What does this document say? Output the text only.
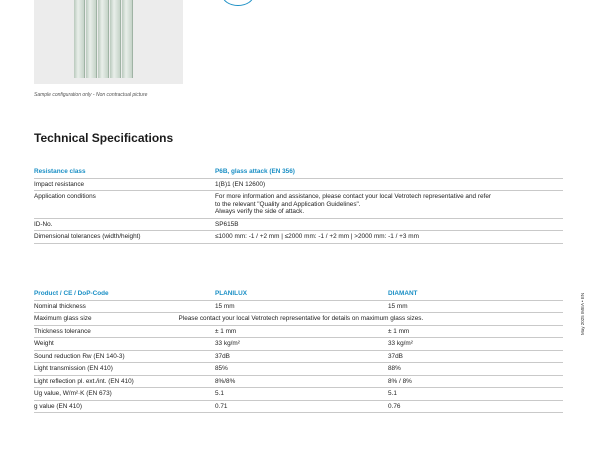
Sample configuration only - Non contractual picture
Technical Specifications
Resistance class	P6B, glass attack (EN 356)
Impact resistance	1(B)1 (EN 12600)
Application conditions	For more information and assistance, please contact your local Vetrotech representative and refer
to the relevant "Quality and Application Guidelines".
Always verify the side of attack.
ID-No.	SP615B
Dimensional tolerances (width/height)	≤1000 mm: -1 / +2 mm | ≤2000 mm: -1 / +2 mm | >2000 mm: -1 / +3 mm
Product / CE / DoP-Code	PLANILUX	DIAMANT
Nominal thickness	15 mm	15 mm
Maximum glass size	Please contact your local Vetrotech representative for details on maximum glass sizes.
Thickness tolerance	± 1 mm	± 1 mm
Weight	33 kg/m²	33 kg/m²
Sound reduction Rw (EN 140-3)	37dB	37dB
Light transmission (EN 410)	85%	88%
Light reflection pl. ext./int. (EN 410)	8%/8%	8% / 8%
Ug value, W/m²·K (EN 673)	5.1	5.1
g value (EN 410)	0.71	0.76
May 2025 IMEA • EN
